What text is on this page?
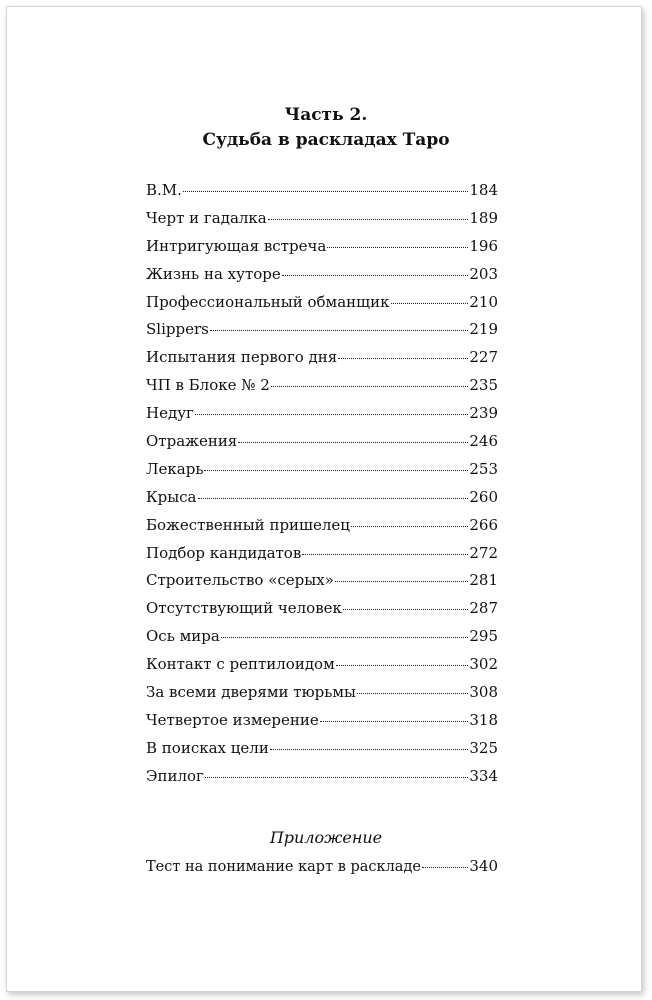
Часть 2.
Судьба в раскладах Таро
В.М.	184
Черт и гадалка	189
Интригующая встреча	196
Жизнь на хуторе	203
Профессиональный обманщик	210
Slippers	219
Испытания первого дня	227
ЧП в Блоке № 2	235
Недуг	239
Отражения	246
Лекарь	253
Крыса	260
Божественный пришелец	266
Подбор кандидатов	272
Строительство «серых»	281
Отсутствующий человек	287
Ось мира	295
Контакт с рептилоидом	302
За всеми дверями тюрьмы	308
Четвертое измерение	318
В поисках цели	325
Эпилог	334
Приложение
Тест на понимание карт в раскладе	340
